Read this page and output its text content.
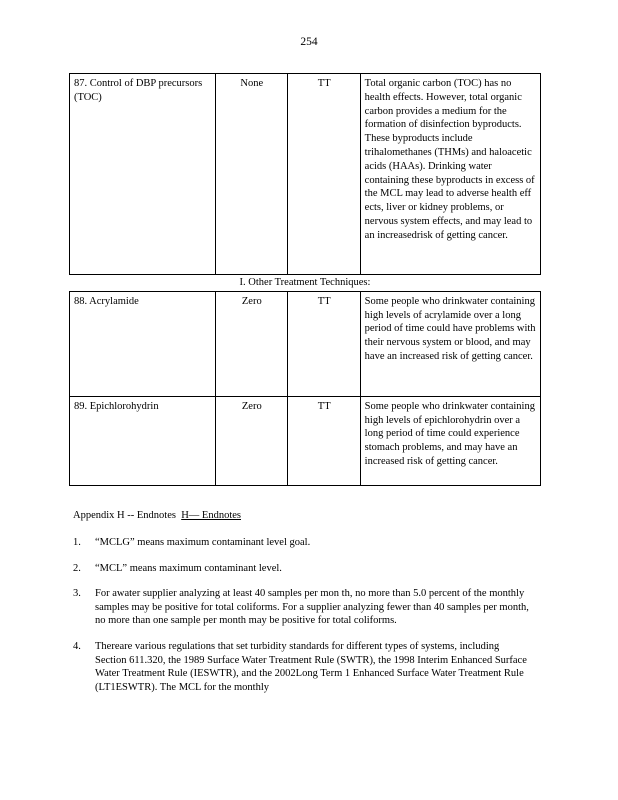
254
87. Control of DBP precursors (TOC)	None	TT	Total organic carbon (TOC) has no health effects. However, total organic carbon provides a medium for the formation of disinfection byproducts. These byproducts include trihalomethanes (THMs) and haloacetic acids (HAAs). Drinking water containing these byproducts in excess of the MCL may lead to adverse health eff ects, liver or kidney problems, or nervous system effects, and may lead to an increasedrisk of getting cancer.
I. Other Treatment Techniques:			
88. Acrylamide	Zero	TT	Some people who drinkwater containing high levels of acrylamide over a long period of time could have problems with their nervous system or blood, and may have an increased risk of getting cancer.
89. Epichlorohydrin	Zero	TT	Some people who drinkwater containing high levels of epichlorohydrin over a long period of time could experience stomach problems, and may have an increased risk of getting cancer.
Appendix H -- Endnotes H— Endnotes
1. “MCLG” means maximum contaminant level goal.
2. “MCL” means maximum contaminant level.
3. For awater supplier analyzing at least 40 samples per mon th, no more than 5.0 percent of the monthly samples may be positive for total coliforms. For a supplier analyzing fewer than 40 samples per month, no more than one sample per month may be positive for total coliforms.
4. Thereare various regulations that set turbidity standards for different types of systems, including Section 611.320, the 1989 Surface Water Treatment Rule (SWTR), the 1998 Interim Enhanced Surface Water Treatment Rule (IESWTR), and the 2002Long Term 1 Enhanced Surface Water Treatment Rule (LT1ESWTR). The MCL for the monthly
